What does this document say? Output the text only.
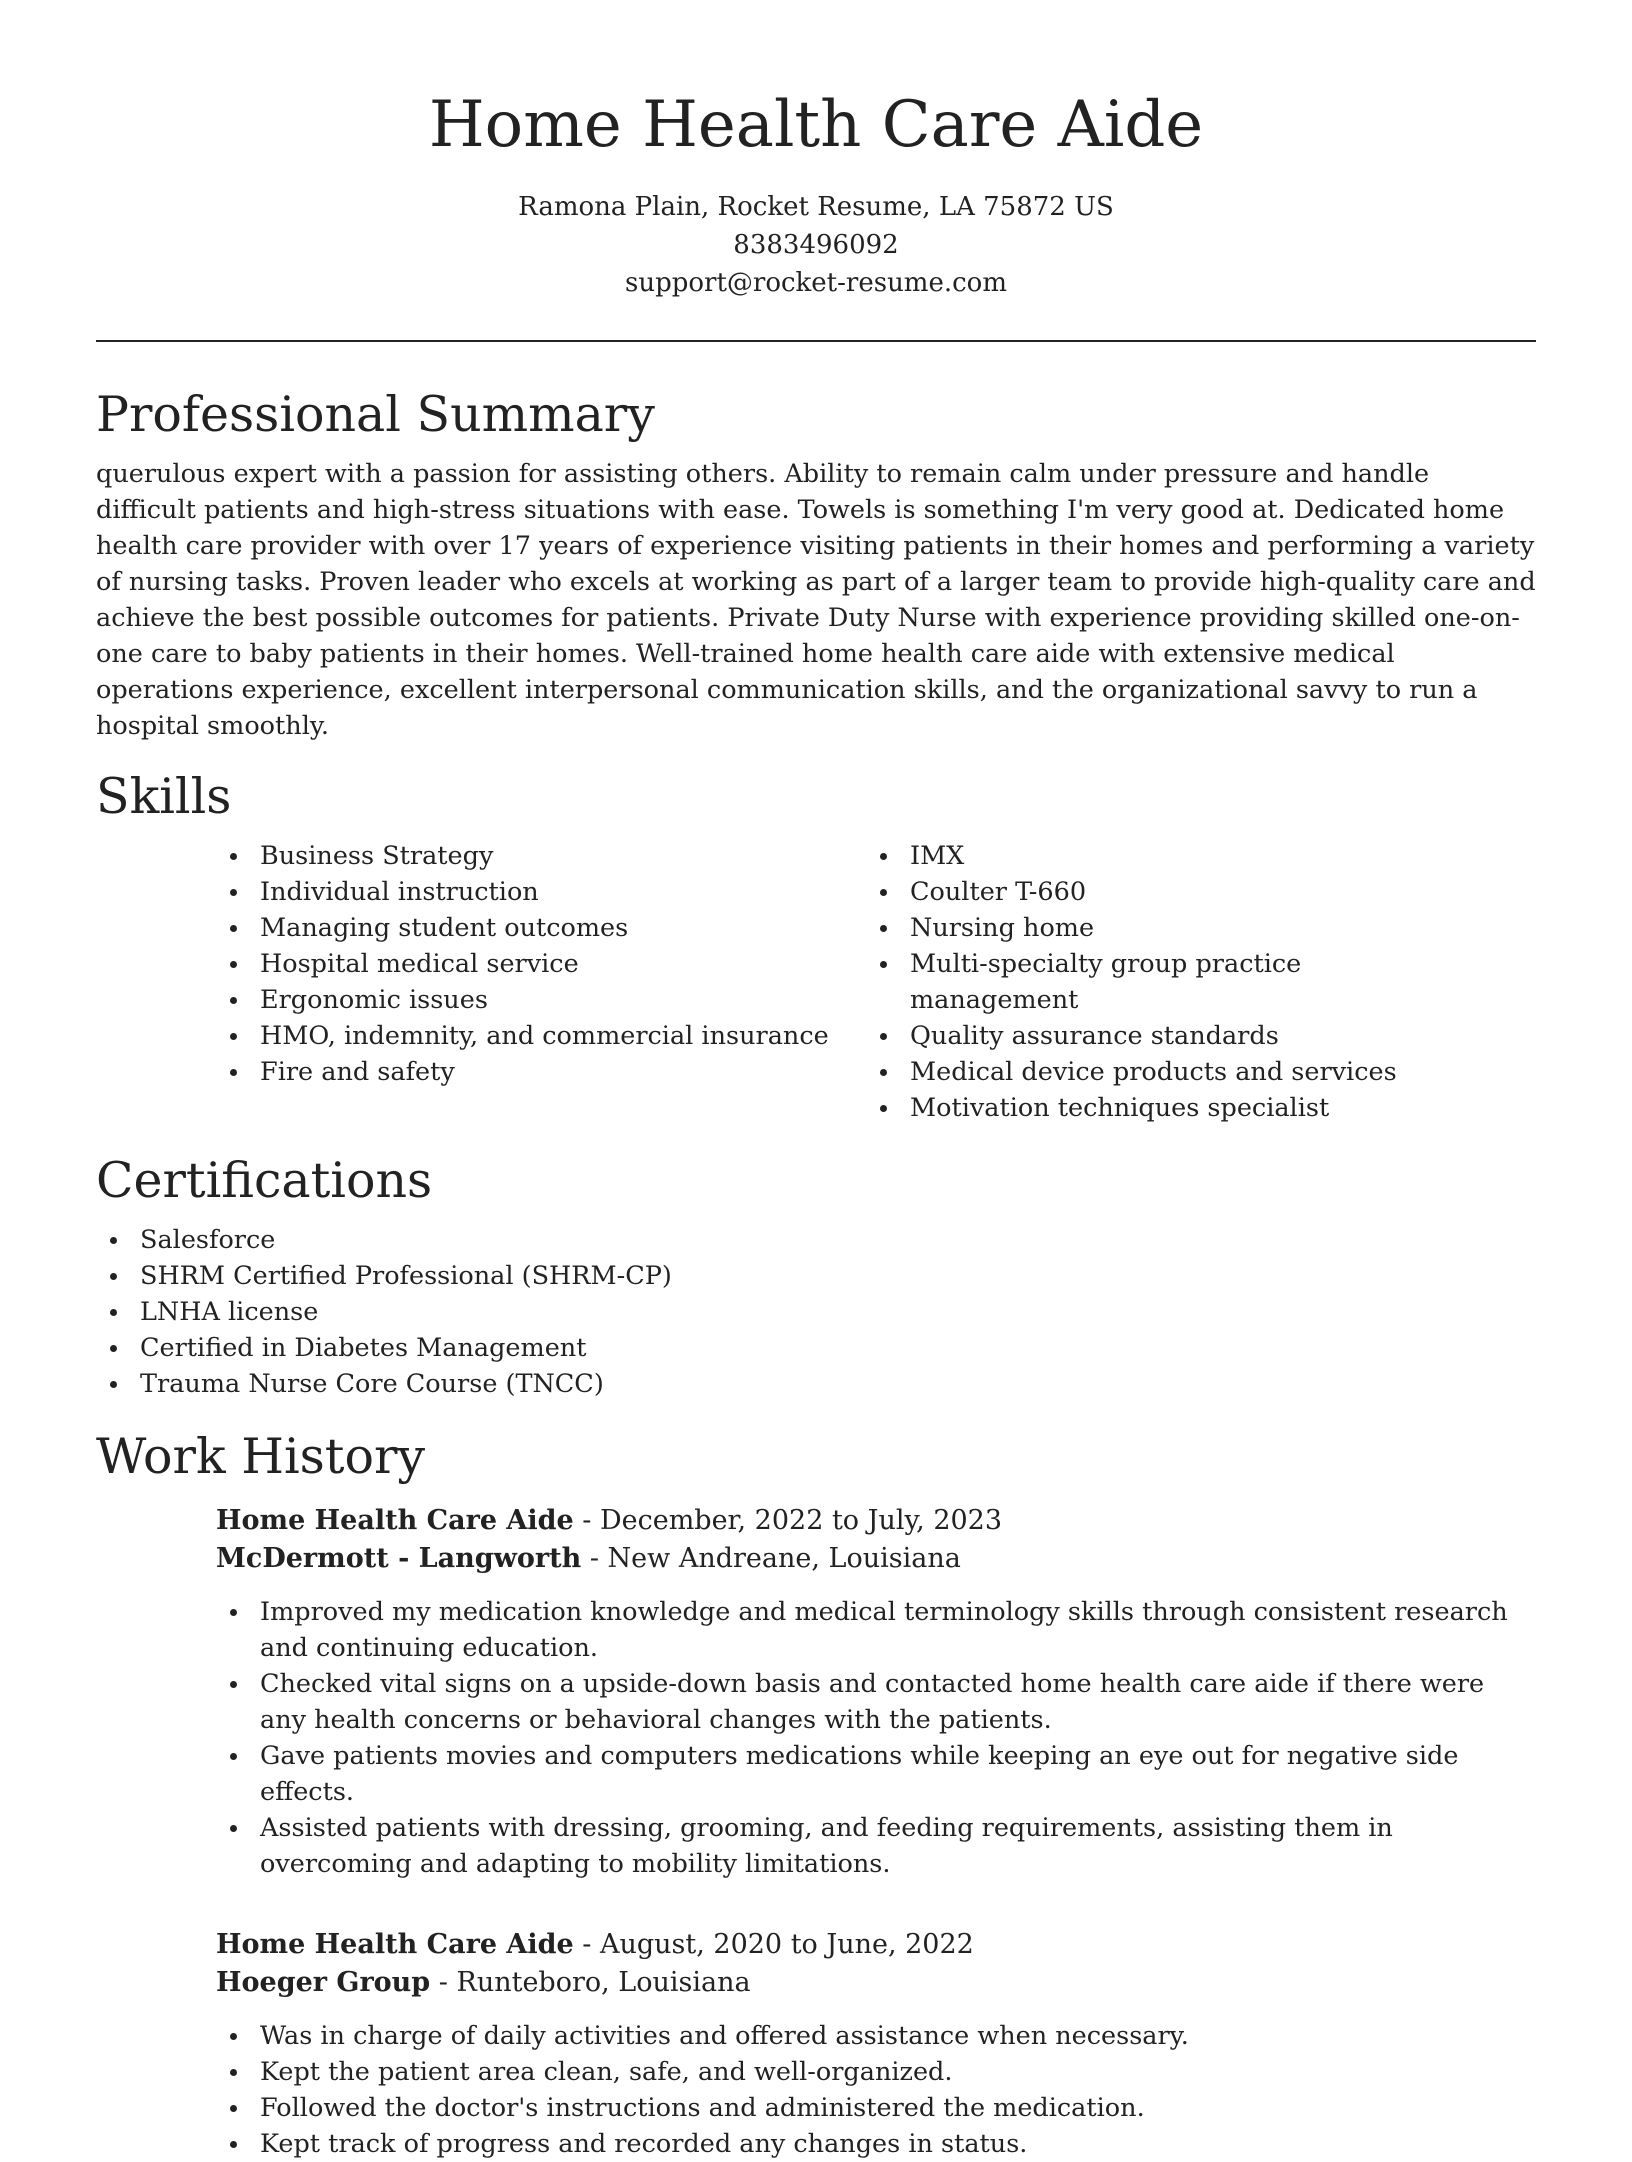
Home Health Care Aide
Ramona Plain, Rocket Resume, LA 75872 US
8383496092
support@rocket-resume.com
Professional Summary

querulous expert with a passion for assisting others. Ability to remain calm under pressure and handle difficult patients and high-stress situations with ease. Towels is something I'm very good at. Dedicated home health care provider with over 17 years of experience visiting patients in their homes and performing a variety of nursing tasks. Proven leader who excels at working as part of a larger team to provide high-quality care and achieve the best possible outcomes for patients. Private Duty Nurse with experience providing skilled one-on-one care to baby patients in their homes. Well-trained home health care aide with extensive medical operations experience, excellent interpersonal communication skills, and the organizational savvy to run a hospital smoothly.

Skills
Business Strategy
Individual instruction
Managing student outcomes
Hospital medical service
Ergonomic issues
HMO, indemnity, and commercial insurance
Fire and safety
IMX
Coulter T-660
Nursing home
Multi-specialty group practice management
Quality assurance standards
Medical device products and services
Motivation techniques specialist
Certifications
Salesforce
SHRM Certified Professional (SHRM-CP)
LNHA license
Certified in Diabetes Management
Trauma Nurse Core Course (TNCC)
Work History
Home Health Care Aide - December, 2022 to July, 2023
McDermott - Langworth - New Andreane, Louisiana
Improved my medication knowledge and medical terminology skills through consistent research and continuing education.
Checked vital signs on a upside-down basis and contacted home health care aide if there were any health concerns or behavioral changes with the patients.
Gave patients movies and computers medications while keeping an eye out for negative side effects.
Assisted patients with dressing, grooming, and feeding requirements, assisting them in overcoming and adapting to mobility limitations.
Home Health Care Aide - August, 2020 to June, 2022
Hoeger Group - Runteboro, Louisiana
Was in charge of daily activities and offered assistance when necessary.
Kept the patient area clean, safe, and well-organized.
Followed the doctor's instructions and administered the medication.
Kept track of progress and recorded any changes in status.
